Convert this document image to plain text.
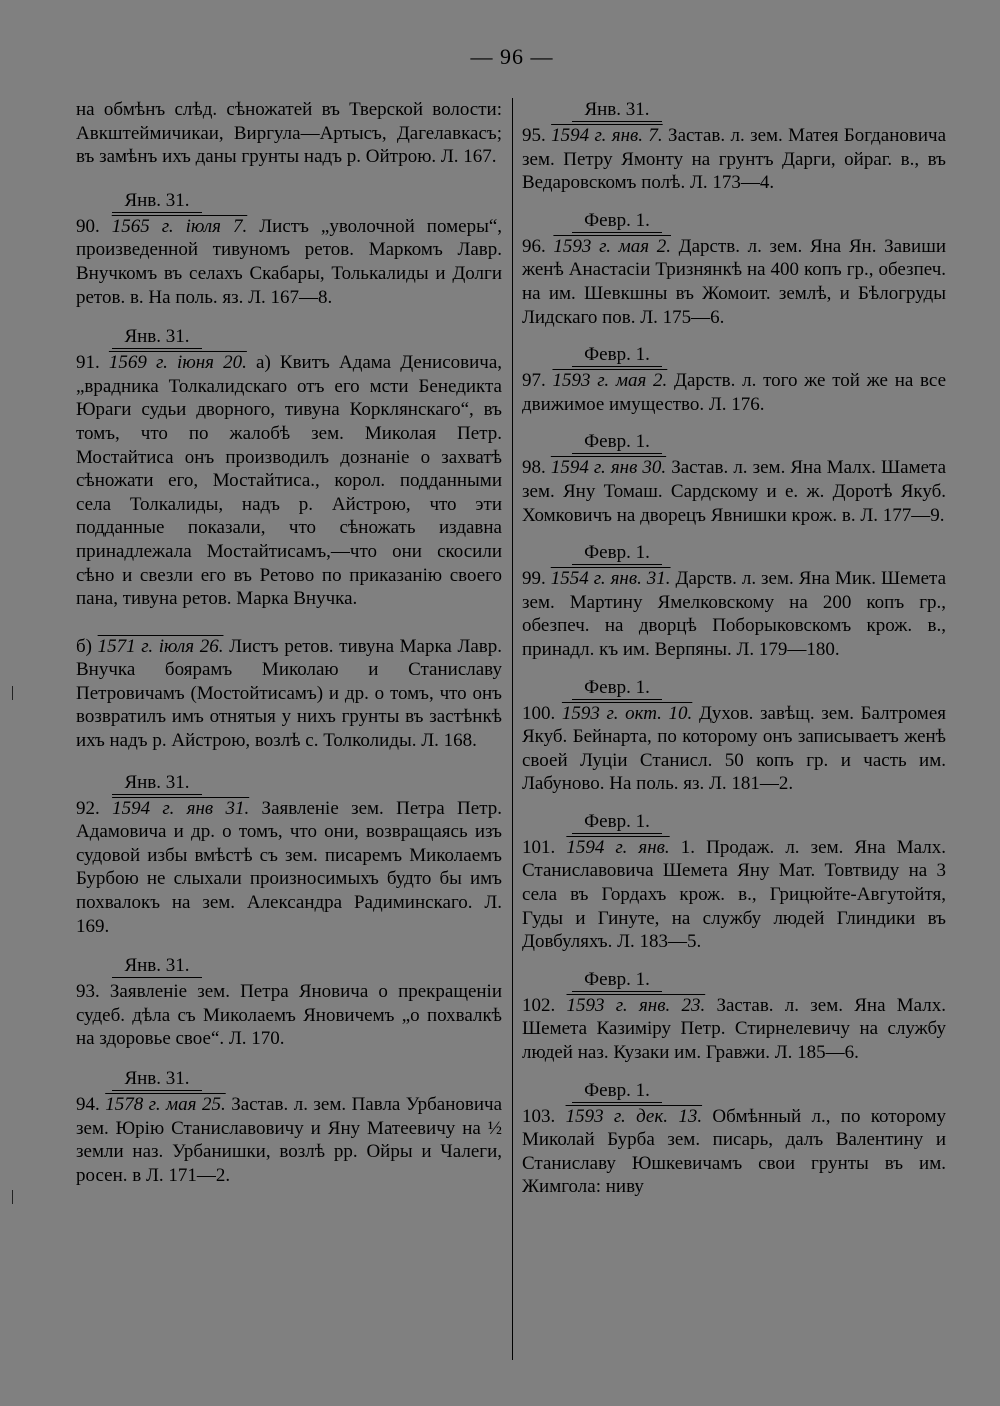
— 96 —

на обмѣнъ слѣд. сѣножатей въ Тверской волости: Авкштеймичикаи, Виргула—Артысъ, Дагелавкасъ; въ замѣнъ ихъ даны грунты надъ р. Ойтрою. Л. 167.

Янв. 31.

90. 1565 г. іюля 7. Листъ „уволочной померы“, произведенной тивуномъ ретов. Маркомъ Лавр. Внучкомъ въ селахъ Скабары, Толькалиды и Долги ретов. в. На поль. яз. Л. 167—8.

Янв. 31.

91. 1569 г. іюня 20. а) Квитъ Адама Денисовича, „врадника Толкалидскаго отъ его мсти Бенедикта Юраги судьи дворного, тивуна Корклянскаго“, въ томъ, что по жалобѣ зем. Миколая Петр. Мостайтиса онъ производилъ дознаніе о захватѣ сѣножати его, Мостайтиса., корол. подданными села Толкалиды, надъ р. Айстрою, что эти подданные показали, что сѣножать издавна принадлежала Мостайтисамъ,—что они скосили сѣно и свезли его въ Ретово по приказанію своего пана, тивуна ретов. Марка Внучка.

б) 1571 г. іюля 26. Листъ ретов. тивуна Марка Лавр. Внучка боярамъ Миколаю и Станиславу Петровичамъ (Мостойтисамъ) и др. о томъ, что онъ возвратилъ имъ отнятыя у нихъ грунты въ застѣнкѣ ихъ надъ р. Айстрою, возлѣ с. Толколиды. Л. 168.

Янв. 31.

92. 1594 г. янв 31. Заявленіе зем. Петра Петр. Адамовича и др. о томъ, что они, возвращаясь изъ судовой избы вмѣстѣ съ зем. писаремъ Миколаемъ Бурбою не слыхали произносимыхъ будто бы имъ похвалокъ на зем. Александра Радиминскаго. Л. 169.

Янв. 31.

93. Заявленіе зем. Петра Яновича о прекращеніи судеб. дѣла съ Миколаемъ Яновичемъ „о похвалкѣ на здоровье свое“. Л. 170.

Янв. 31.

94. 1578 г. мая 25. Застав. л. зем. Павла Урбановича зем. Юрію Станиславовичу и Яну Матеевичу на ½ земли наз. Урбанишки, возлѣ рр. Ойры и Чалеги, росен. в Л. 171—2.

Янв. 31.

95. 1594 г. янв. 7. Застав. л. зем. Матея Богдановича зем. Петру Ямонту на грунтъ Дарги, ойраг. в., въ Ведаровскомъ полѣ. Л. 173—4.

Февр. 1.

96. 1593 г. мая 2. Дарств. л. зем. Яна Ян. Завиши женѣ Анастасіи Тризнянкѣ на 400 копъ гр., обезпеч. на им. Шевкшны въ Жомоит. землѣ, и Бѣлогруды Лидскаго пов. Л. 175—6.

Февр. 1.

97. 1593 г. мая 2. Дарств. л. того же той же на все движимое имущество. Л. 176.

Февр. 1.

98. 1594 г. янв 30. Застав. л. зем. Яна Малх. Шамета зем. Яну Томаш. Сардскому и е. ж. Доротѣ Якуб. Хомковичъ на дворецъ Явнишки крож. в. Л. 177—9.

Февр. 1.

99. 1554 г. янв. 31. Дарств. л. зем. Яна Мик. Шемета зем. Мартину Ямелковскому на 200 копъ гр., обезпеч. на дворцѣ Поборыковскомъ крож. в., принадл. къ им. Верпяны. Л. 179—180.

Февр. 1.

100. 1593 г. окт. 10. Духов. завѣщ. зем. Балтромея Якуб. Бейнарта, по которому онъ записываетъ женѣ своей Луціи Станисл. 50 копъ гр. и часть им. Лабуново. На поль. яз. Л. 181—2.

Февр. 1.

101. 1594 г. янв. 1. Продаж. л. зем. Яна Малх. Станиславовича Шемета Яну Мат. Товтвиду на 3 села въ Гордахъ крож. в., Грицюйте-Авгутойтя, Гуды и Гинуте, на службу людей Глиндики въ Довбуляхъ. Л. 183—5.

Февр. 1.

102. 1593 г. янв. 23. Застав. л. зем. Яна Малх. Шемета Казиміру Петр. Стирнелевичу на службу людей наз. Кузаки им. Гравжи. Л. 185—6.

Февр. 1.

103. 1593 г. дек. 13. Обмѣнный л., по которому Миколай Бурба зем. писарь, далъ Валентину и Станиславу Юшкевичамъ свои грунты въ им. Жимгола: ниву
